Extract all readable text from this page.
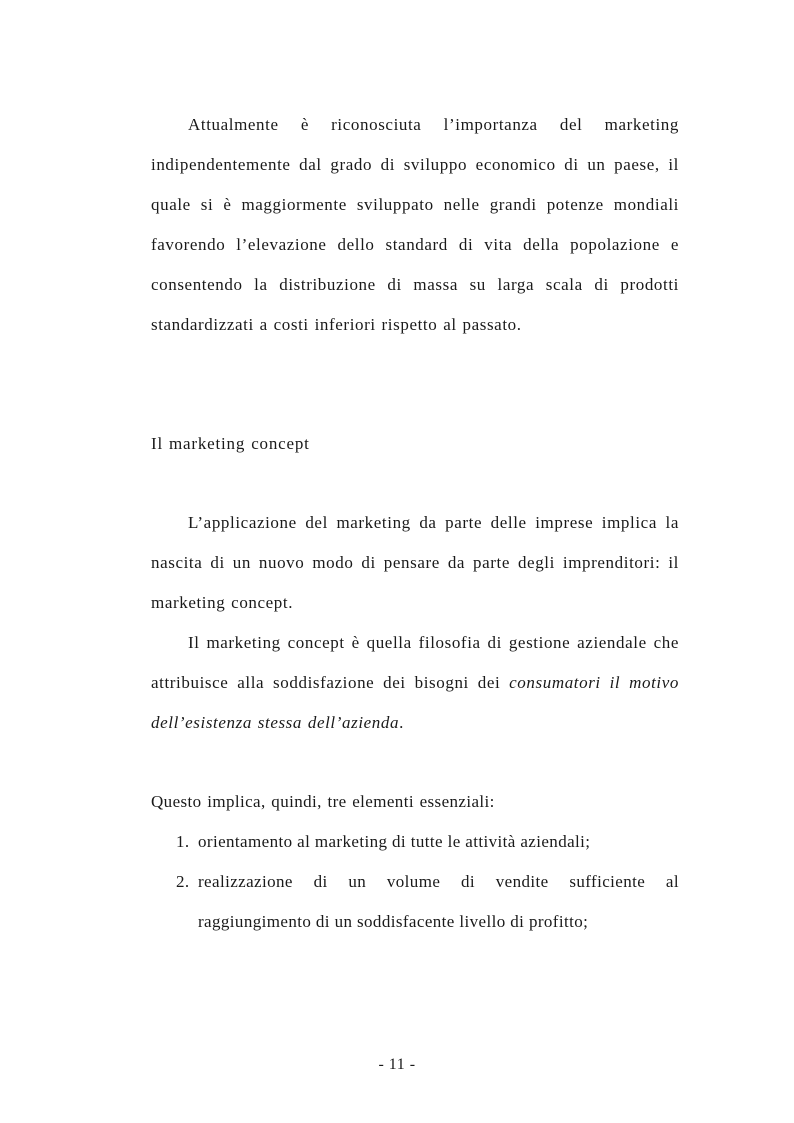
Attualmente è riconosciuta l’importanza del marketing indipendentemente dal grado di sviluppo economico di un paese, il quale si è maggiormente sviluppato nelle grandi potenze mondiali favorendo l’elevazione dello standard di vita della popolazione e consentendo la distribuzione di massa su larga scala di prodotti standardizzati a costi inferiori rispetto al passato.

Il marketing concept

L’applicazione del marketing da parte delle imprese implica la nascita di un nuovo modo di pensare da parte degli imprenditori: il marketing concept.

Il marketing concept è quella filosofia di gestione aziendale che attribuisce alla soddisfazione dei bisogni dei consumatori il motivo dell’esistenza stessa dell’azienda.

Questo implica, quindi, tre elementi essenziali:

1. orientamento al marketing di tutte le attività aziendali;
2. realizzazione di un volume di vendite sufficiente al raggiungimento di un soddisfacente livello di profitto;
- 11 -
